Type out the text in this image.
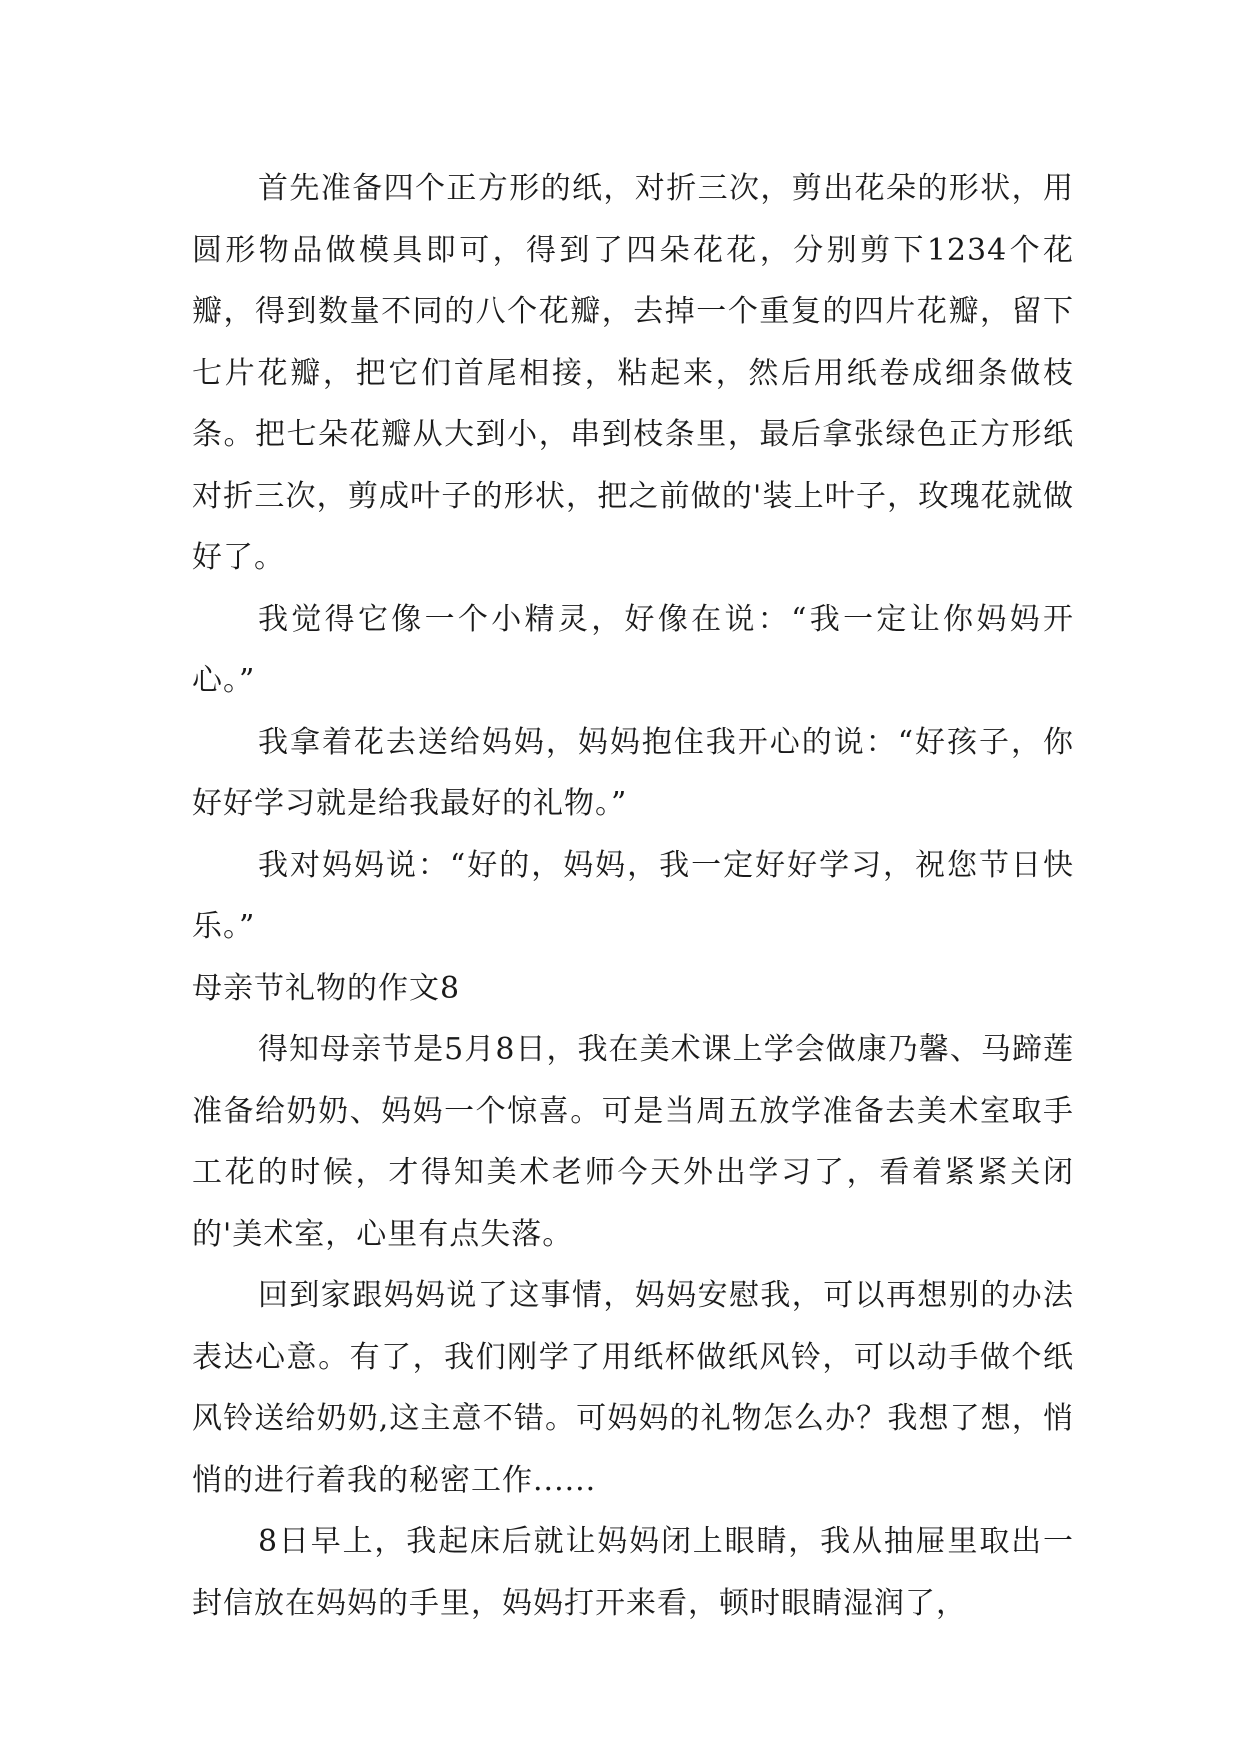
首先准备四个正方形的纸，对折三次，剪出花朵的形状，用圆形物品做模具即可，得到了四朵花花，分别剪下1234个花瓣，得到数量不同的八个花瓣，去掉一个重复的四片花瓣，留下七片花瓣，把它们首尾相接，粘起来，然后用纸卷成细条做枝条。把七朵花瓣从大到小，串到枝条里，最后拿张绿色正方形纸对折三次，剪成叶子的形状，把之前做的'装上叶子，玫瑰花就做好了。

我觉得它像一个小精灵，好像在说：“我一定让你妈妈开心。”

我拿着花去送给妈妈，妈妈抱住我开心的说：“好孩子，你好好学习就是给我最好的礼物。”

我对妈妈说：“好的，妈妈，我一定好好学习，祝您节日快乐。”

母亲节礼物的作文8

得知母亲节是5月8日，我在美术课上学会做康乃馨、马蹄莲准备给奶奶、妈妈一个惊喜。可是当周五放学准备去美术室取手工花的时候，才得知美术老师今天外出学习了，看着紧紧关闭的'美术室，心里有点失落。

回到家跟妈妈说了这事情，妈妈安慰我，可以再想别的办法表达心意。有了，我们刚学了用纸杯做纸风铃，可以动手做个纸风铃送给奶奶,这主意不错。可妈妈的礼物怎么办？我想了想，悄悄的进行着我的秘密工作......

8日早上，我起床后就让妈妈闭上眼睛，我从抽屉里取出一封信放在妈妈的手里，妈妈打开来看，顿时眼睛湿润了，
